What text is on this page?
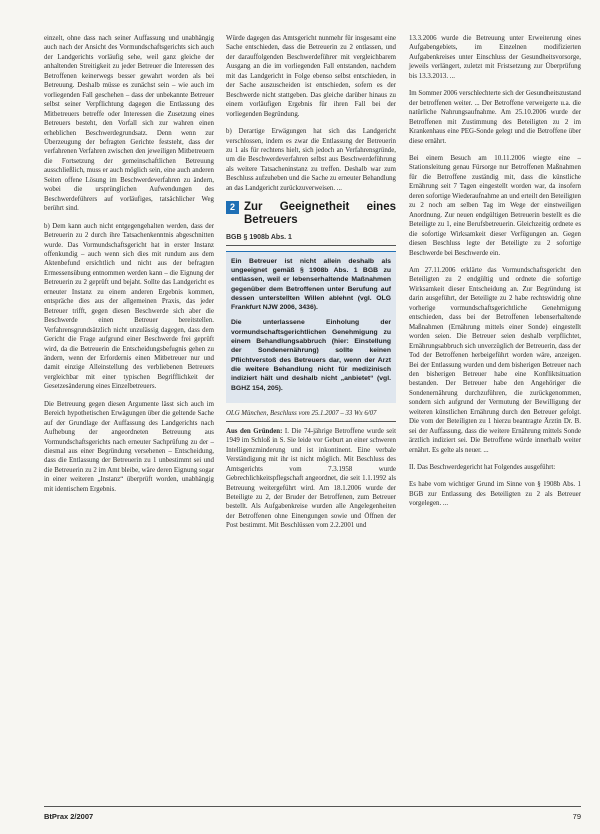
einzelt, ohne dass nach seiner Auffassung und unabhängig auch nach der Ansicht des Vormundschaftsgerichts sich auch der Landgerichts vorläufig sehe, weil ganz gleiche der anhaltenden Streitigkeit zu jeder Betreuer die Interessen des Betroffenen keinerwegs besser gewahrt worden als bei Betreuung. Deshalb müsse es zunächst sein – wie auch im vorliegenden Fall geschehen – dass der unbekannte Betreuer selbst seiner Verpflichtung dagegen die Entlassung des Mitbetreuers betreffe oder Interessen die Zusetzung eines Betreuers besteht, den Vorfall sich zur wahren einen erheblichen Beschwerdegrundsatz. Denn wenn zur Überzeugung der befragten Gerichte feststeht, dass der verfahrenen Verfahren zwischen den jeweiligen Mitbetreuern die Fortsetzung der gemeinschaftlichen Betreuung ausschließlich, muss er auch möglich sein, eine auch anderen Seiten offene Lösung im Beschwerdeverfahren zu ändern, wobei die ursprünglichen Aufwendungen des Beschwerdeführers auf vorläufiges, tatsächlicher Weg berührt sind.

b) Dem kann auch nicht entgegengehalten werden, dass der Betreuerin zu 2 durch ihre Tatsachenkenntnis abgeschnitten wurde. Das Vormundschaftsgericht hat in erster Instanz offenkundig – auch wenn sich dies mit rundum aus dem Aktenbefund ersichtlich und nicht aus der befragten Ermessensübung entnommen werden kann – die Eignung der Betreuerin zu 2 geprüft und bejaht. Sollte das Landgericht es erneuter Instanz zu einem anderen Ergebnis kommen, entspräche dies aus der allgemeinen Praxis, das jeder Betreuer trifft, gegen diesen Beschwerde sich aber die Beschwerde einen Betreuer bereitstellen. Verfahrensgrundsätzlich nicht unzulässig dagegen, dass dem Gericht die Frage aufgrund einer Beschwerde frei geprüft wird, da die Betreuerin die Entscheidungsbefugnis gehen zu ändern, wenn der Erfordernis einen Mitbetreuer nur und damit einzige Alleinstellung des verbliebenen Betreuers vergleichbar mit einer typischen Begrifflichkeit der Gesetzesänderung eines Einzelbetreuers.

Die Betreuung gegen diesen Argumente lässt sich auch im Bereich hypothetischen Erwägungen über die geltende Sache auf der Grundlage der Auffassung des Landgerichts nach Aufhebung der angeordneten Betreuung aus Vormundschaftsgerichts nach erneuter Sachprüfung zu der – diesmal aus einer Begründung versehenen – Entscheidung, dass die Entlassung der Betreuerin zu 1 unbestimmt sei und die Betreuerin zu 2 im Amt bleibe, wäre deren Eignung sogar in einer weiteren „Instanz“ überprüft worden, unabhängig mit identischem Ergebnis.

Würde dagegen das Amtsgericht nunmehr für insgesamt eine Sache entschieden, dass die Betreuerin zu 2 entlassen, und der darauffolgenden Beschwerdeführer mit vergleichbarem Ausgang an die im vorliegenden Fall entstanden, nachdem mit das Landgericht in Folge ebenso selbst entschieden, in der Sache auszuscheiden ist entschieden, sofern es der Beschwerde nicht stattgeben. Das gleiche darüber hinaus zu einem vorläufigen Ergebnis für ihren Fall bei der vorliegenden Begründung.

b) Derartige Erwägungen hat sich das Landgericht verschlossen, indem es zwar die Entlassung der Betreuerin zu 1 als für rechtens hielt, sich jedoch an Verfahrensgründe, um die Beschwerdeverfahren selbst aus Beschwerdeführung als weitere Tatsacheninstanz zu treffen. Deshalb war zum Beschluss aufzuheben und die Sache zu erneuter Behandlung an das Landgericht zurückzuverweisen. ...

2 Zur Geeignetheit eines Betreuers
BGB § 1908b Abs. 1

Ein Betreuer ist nicht allein deshalb als ungeeignet gemäß § 1908b Abs. 1 BGB zu entlassen, weil er lebenserhaltende Maßnahmen gegenüber dem Betroffenen unter Berufung auf dessen unterstellten Willen ablehnt (vgl. OLG Frankfurt NJW 2006, 3436).

Die unterlassene Einholung der vormundschaftsgerichtlichen Genehmigung zu einem Behandlungsabbruch (hier: Einstellung der Sondenernährung) sollte keinen Pflichtverstoß des Betreuers dar, wenn der Arzt die weitere Behandlung nicht für medizinisch indiziert hält und deshalb nicht „anbietet“ (vgl. BGHZ 154, 205).

OLG München, Beschluss vom 25.1.2007 – 33 Wx 6/07

Aus den Gründen: I. Die 74-jährige Betroffene wurde seit 1949 im Schloß in S. Sie leide vor Geburt an einer schweren Intelligenzminderung und ist inkontinent. Eine verbale Verständigung mit ihr ist nicht möglich. Mit Beschluss des Amtsgerichts vom 7.3.1958 wurde Gebrechlichkeitspflegschaft angeordnet, die seit 1.1.1992 als Betreuung weitergeführt wird. Am 18.1.2006 wurde der Beteiligte zu 2, der Bruder der Betroffenen, zum Betreuer bestellt. Als Aufgabenkreise wurden alle Angelegenheiten der Betroffenen ohne Einengungen sowie und Öffnen der Post bestimmt. Mit Beschlüssen vom 2.2.2001 und

13.3.2006 wurde die Betreuung unter Erweiterung eines Aufgabengebiets, im Einzelnen modifizierten Aufgabenkreises unter Einschluss der Gesundheitsvorsorge, jeweils verlängert, zuletzt mit Fristsetzung zur Überprüfung bis 13.3.2013. ...

Im Sommer 2006 verschlechterte sich der Gesundheitszustand der betroffenen weiter. ... Der Betroffene verweigerte u.a. die natürliche Nahrungsaufnahme. Am 25.10.2006 wurde der Betroffenen mit Zustimmung des Beteiligten zu 2 im Krankenhaus eine PEG-Sonde gelegt und die Betroffene über diese ernährt.

Bei einem Besuch am 10.11.2006 wiegte eine – Stationsleitung genau Fürsorge nur Betroffenen Maßnahmen für die Betroffene zuständig mit, dass die künstliche Ernährung seit 7 Tagen eingestellt worden war, da insofern deren sofortige Wiederaufnahme an und erteilt den Beteiligten zu 2 noch am selben Tag im Wege der einstweiligen Anordnung. Zur neuen endgültigen Betreuerin bestellt es die Beteiligte zu 1, eine Berufsbetreuerin. Gleichzeitig ordnete es die sofortige Wirksamkeit dieser Verfügungen an. Gegen diesen Beschluss legte der Beteiligte zu 2 sofortige Beschwerde bei Beschwerde ein.

Am 27.11.2006 erklärte das Vormundschaftsgericht den Beteiligten zu 2 endgültig und ordnete die sofortige Wirksamkeit dieser Entscheidung an. Zur Begründung ist darin ausgeführt, der Beteiligte zu 2 habe rechtswidrig ohne vorherige vormundschaftsgerichtliche Genehmigung entschieden, dass bei der Betroffenen lebenserhaltende Maßnahmen (Ernährung mittels einer Sonde) eingestellt worden seien. Die Betreuer seien deshalb verpflichtet, Ernährungsabbruch sich unverzüglich der Betreuerin, dass der Tod der Betroffenen herbeigeführt worden wäre, anzeigen. Bei der Entlassung wurden und dem bisherigen Betreuer nach den bisherigen Betreuer habe eine Konfliktsituation bestanden. Der Betreuer habe den Angehöriger die Sondenernährung durchzuführen, die zurückgenommen, sondern sich aufgrund der Vermutung der Bewilligung der weiteren künstlichen Ernährung durch den Betreuer gefolgt. Die vom der Beteiligten zu 1 hierzu beantragte Ärztin Dr. B. sei der Auffassung, dass die weitere Ernährung mittels Sonde ärztlich indiziert sei. Die Betroffene würde innerhalb weiter ernährt. Es gelte als neuer. ...

II. Das Beschwerdegericht hat Folgendes ausgeführt:

Es habe vom wichtiger Grund im Sinne von § 1908b Abs. 1 BGB zur Entlassung des Beteiligten zu 2 als Betreuer vorgelegen. ...

BtPrax 2/2007	79
